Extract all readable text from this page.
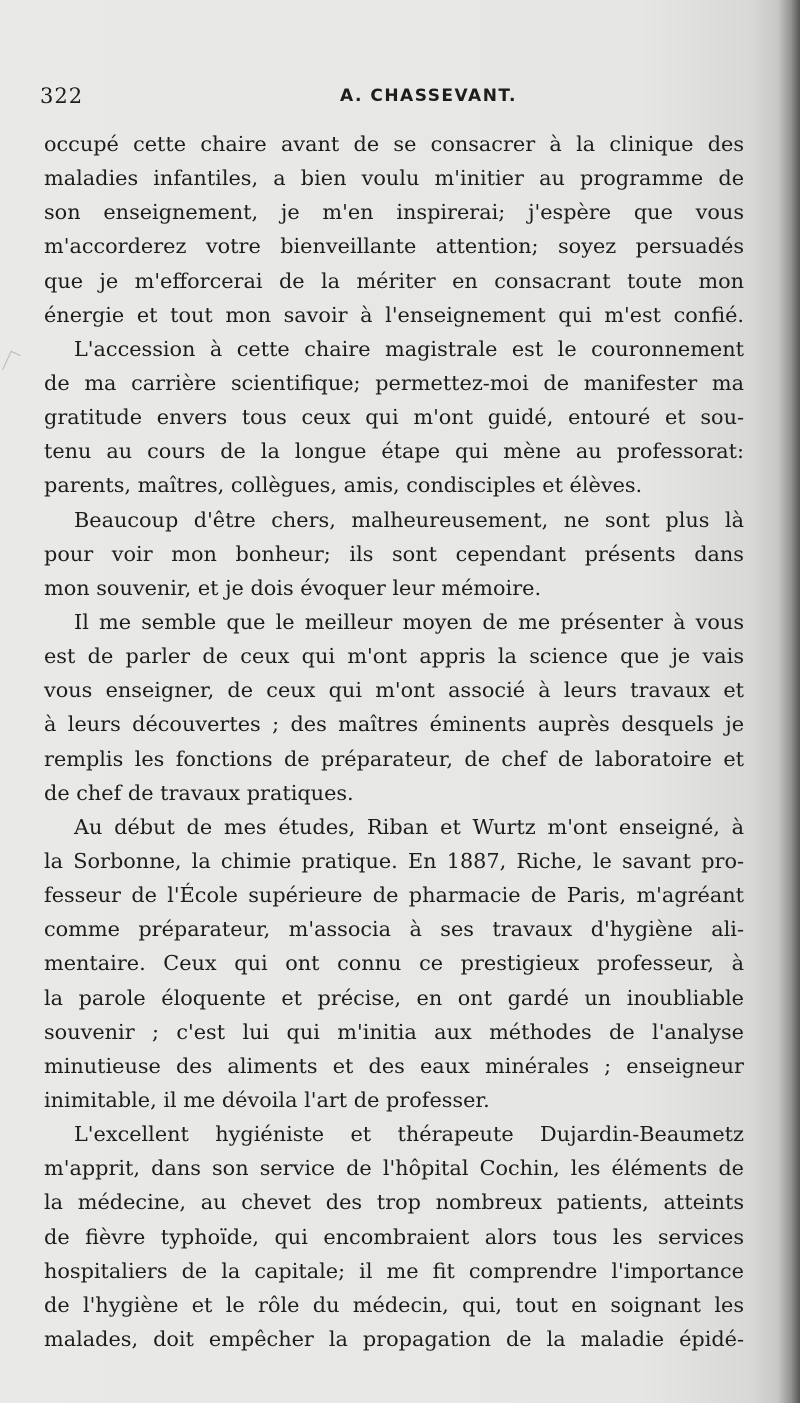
322	A. CHASSEVANT.
occupé cette chaire avant de se consacrer à la clinique des
maladies infantiles, a bien voulu m'initier au programme de
son enseignement, je m'en inspirerai; j'espère que vous
m'accorderez votre bienveillante attention; soyez persuadés
que je m'efforcerai de la mériter en consacrant toute mon
énergie et tout mon savoir à l'enseignement qui m'est confié.
L'accession à cette chaire magistrale est le couronnement
de ma carrière scientifique; permettez-moi de manifester ma
gratitude envers tous ceux qui m'ont guidé, entouré et sou-
tenu au cours de la longue étape qui mène au professorat:
parents, maîtres, collègues, amis, condisciples et élèves.
Beaucoup d'être chers, malheureusement, ne sont plus là
pour voir mon bonheur; ils sont cependant présents dans
mon souvenir, et je dois évoquer leur mémoire.
Il me semble que le meilleur moyen de me présenter à vous
est de parler de ceux qui m'ont appris la science que je vais
vous enseigner, de ceux qui m'ont associé à leurs travaux et
à leurs découvertes ; des maîtres éminents auprès desquels je
remplis les fonctions de préparateur, de chef de laboratoire et
de chef de travaux pratiques.
Au début de mes études, Riban et Wurtz m'ont enseigné, à
la Sorbonne, la chimie pratique. En 1887, Riche, le savant pro-
fesseur de l'École supérieure de pharmacie de Paris, m'agréant
comme préparateur, m'associa à ses travaux d'hygiène ali-
mentaire. Ceux qui ont connu ce prestigieux professeur, à
la parole éloquente et précise, en ont gardé un inoubliable
souvenir ; c'est lui qui m'initia aux méthodes de l'analyse
minutieuse des aliments et des eaux minérales ; enseigneur
inimitable, il me dévoila l'art de professer.
L'excellent hygiéniste et thérapeute Dujardin-Beaumetz
m'apprit, dans son service de l'hôpital Cochin, les éléments de
la médecine, au chevet des trop nombreux patients, atteints
de fièvre typhoïde, qui encombraient alors tous les services
hospitaliers de la capitale; il me fit comprendre l'importance
de l'hygiène et le rôle du médecin, qui, tout en soignant les
malades, doit empêcher la propagation de la maladie épidé-
